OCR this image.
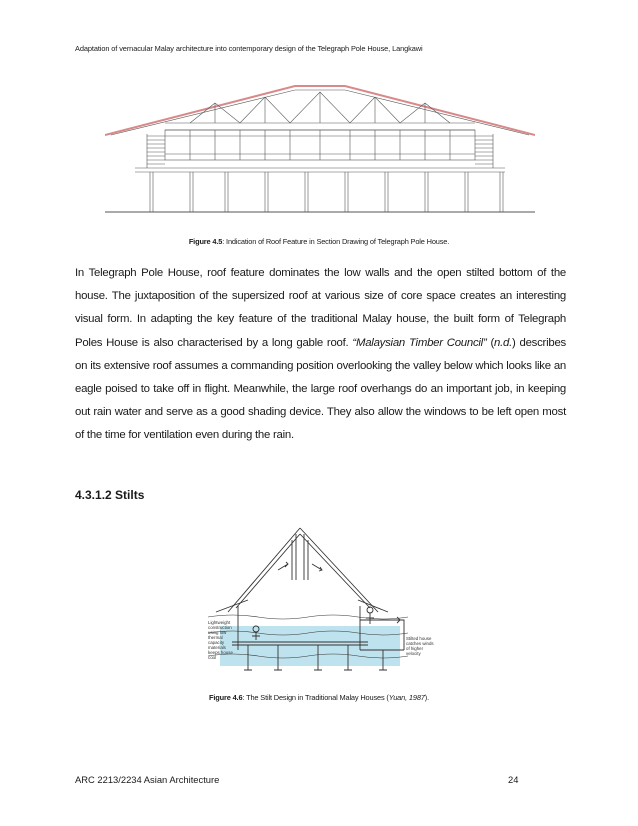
Adaptation of vernacular Malay architecture into contemporary design of the Telegraph Pole House, Langkawi
Figure 4.5: Indication of Roof Feature in Section Drawing of Telegraph Pole House.
In Telegraph Pole House, roof feature dominates the low walls and the open stilted bottom of the house. The juxtaposition of the supersized roof at various size of core space creates an interesting visual form. In adapting the key feature of the traditional Malay house, the built form of Telegraph Poles House is also characterised by a long gable roof. “Malaysian Timber Council” (n.d.) describes on its extensive roof assumes a commanding position overlooking the valley below which looks like an eagle poised to take off in flight. Meanwhile, the large roof overhangs do an important job, in keeping out rain water and serve as a good shading device. They also allow the windows to be left open most of the time for ventilation even during the rain.
4.3.1.2 Stilts
Lightweight construction using low thermal capacity materials keeps house cool
Stilted house catches winds of higher velocity
Figure 4.6: The Stilt Design in Traditional Malay Houses (Yuan, 1987).
ARC 2213/2234 Asian Architecture	24
